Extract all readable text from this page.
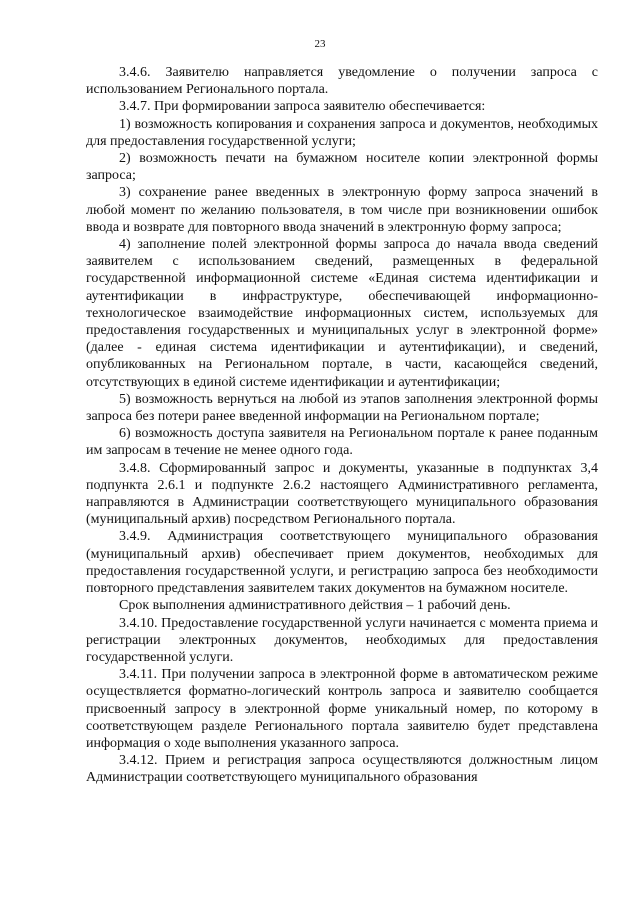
23

3.4.6. Заявителю направляется уведомление о получении запроса с использованием Регионального портала.

3.4.7. При формировании запроса заявителю обеспечивается:

1) возможность копирования и сохранения запроса и документов, необходимых для предоставления государственной услуги;

2) возможность печати на бумажном носителе копии электронной формы запроса;

3) сохранение ранее введенных в электронную форму запроса значений в любой момент по желанию пользователя, в том числе при возникновении ошибок ввода и возврате для повторного ввода значений в электронную форму запроса;

4) заполнение полей электронной формы запроса до начала ввода сведений заявителем с использованием сведений, размещенных в федеральной государственной информационной системе «Единая система идентификации и аутентификации в инфраструктуре, обеспечивающей информационно-технологическое взаимодействие информационных систем, используемых для предоставления государственных и муниципальных услуг в электронной форме» (далее - единая система идентификации и аутентификации), и сведений, опубликованных на Региональном портале, в части, касающейся сведений, отсутствующих в единой системе идентификации и аутентификации;

5) возможность вернуться на любой из этапов заполнения электронной формы запроса без потери ранее введенной информации на Региональном портале;

6) возможность доступа заявителя на Региональном портале к ранее поданным им запросам в течение не менее одного года.

3.4.8. Сформированный запрос и документы, указанные в подпунктах 3,4 подпункта 2.6.1 и подпункте 2.6.2 настоящего Административного регламента, направляются в Администрации соответствующего муниципального образования (муниципальный архив) посредством Регионального портала.

3.4.9. Администрация соответствующего муниципального образования (муниципальный архив) обеспечивает прием документов, необходимых для предоставления государственной услуги, и регистрацию запроса без необходимости повторного представления заявителем таких документов на бумажном носителе.

Срок выполнения административного действия – 1 рабочий день.

3.4.10. Предоставление государственной услуги начинается с момента приема и регистрации электронных документов, необходимых для предоставления государственной услуги.

3.4.11. При получении запроса в электронной форме в автоматическом режиме осуществляется форматно-логический контроль запроса и заявителю сообщается присвоенный запросу в электронной форме уникальный номер, по которому в соответствующем разделе Регионального портала заявителю будет представлена информация о ходе выполнения указанного запроса.

3.4.12. Прием и регистрация запроса осуществляются должностным лицом Администрации соответствующего муниципального образования
